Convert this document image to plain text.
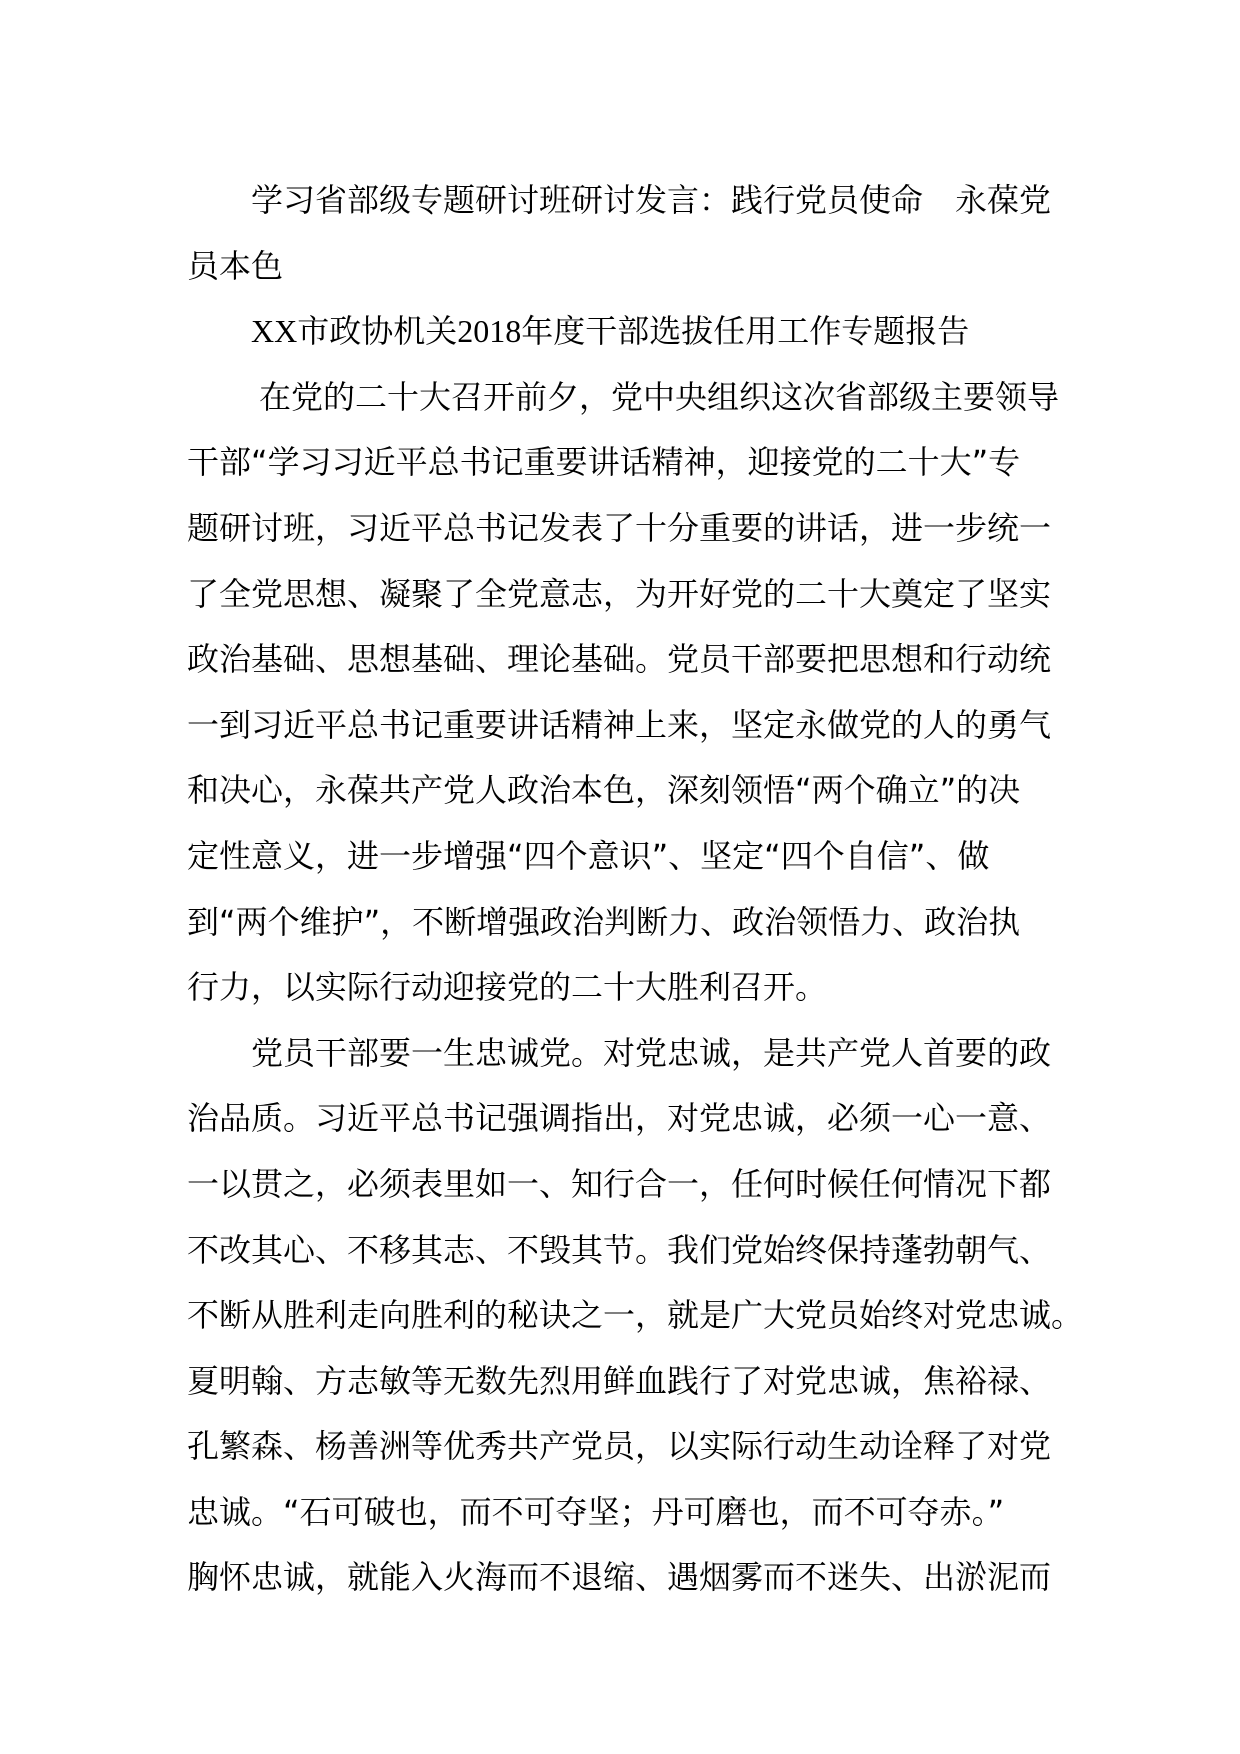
学习省部级专题研讨班研讨发言：践行党员使命　永葆党
员本色
XX市政协机关2018年度干部选拔任用工作专题报告
在党的二十大召开前夕，党中央组织这次省部级主要领导
干部“学习习近平总书记重要讲话精神，迎接党的二十大”专
题研讨班，习近平总书记发表了十分重要的讲话，进一步统一
了全党思想、凝聚了全党意志，为开好党的二十大奠定了坚实
政治基础、思想基础、理论基础。党员干部要把思想和行动统
一到习近平总书记重要讲话精神上来，坚定永做党的人的勇气
和决心，永葆共产党人政治本色，深刻领悟“两个确立”的决
定性意义，进一步增强“四个意识”、坚定“四个自信”、做
到“两个维护”，不断增强政治判断力、政治领悟力、政治执
行力，以实际行动迎接党的二十大胜利召开。
党员干部要一生忠诚党。对党忠诚，是共产党人首要的政
治品质。习近平总书记强调指出，对党忠诚，必须一心一意、
一以贯之，必须表里如一、知行合一，任何时候任何情况下都
不改其心、不移其志、不毁其节。我们党始终保持蓬勃朝气、
不断从胜利走向胜利的秘诀之一，就是广大党员始终对党忠诚。
夏明翰、方志敏等无数先烈用鲜血践行了对党忠诚，焦裕禄、
孔繁森、杨善洲等优秀共产党员，以实际行动生动诠释了对党
忠诚。“石可破也，而不可夺坚；丹可磨也，而不可夺赤。”
胸怀忠诚，就能入火海而不退缩、遇烟雾而不迷失、出淤泥而
